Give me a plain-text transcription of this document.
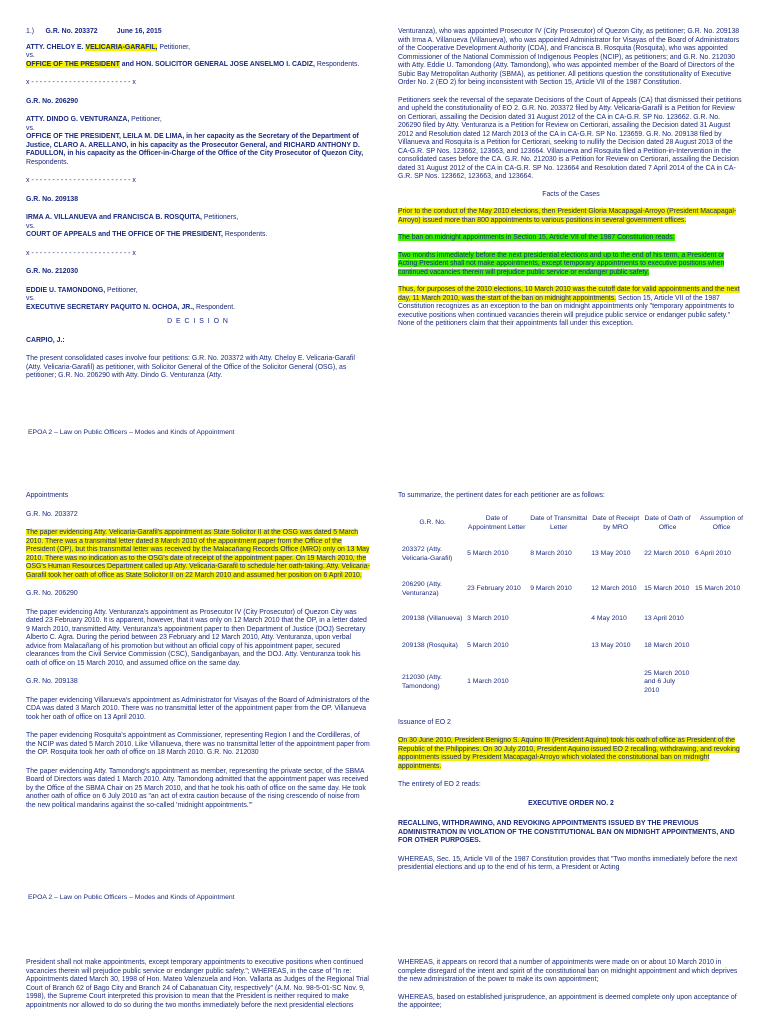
1.) G.R. No. 203372	June 16, 2015

ATTY. CHELOY E. VELICARIA-GARAFIL, Petitioner,

vs.

OFFICE OF THE PRESIDENT and HON. SOLICITOR GENERAL JOSE ANSELMO I. CADIZ, Respondents.

x - - - - - - - - - - - - - - - - - - - - - - - - x

G.R. No. 206290

ATTY. DINDO G. VENTURANZA, Petitioner,

vs.

OFFICE OF THE PRESIDENT, LEILA M. DE LIMA, in her capacity as the Secretary of the Department of Justice, CLARO A. ARELLANO, in his capacity as the Prosecutor General, and RICHARD ANTHONY D. FADULLON, in his capacity as the Officer-in-Charge of the Office of the City Prosecutor of Quezon City, Respondents.

x - - - - - - - - - - - - - - - - - - - - - - - - x

G.R. No. 209138

IRMA A. VILLANUEVA and FRANCISCA B. ROSQUITA, Petitioners,

vs.

COURT OF APPEALS and THE OFFICE OF THE PRESIDENT, Respondents.

x - - - - - - - - - - - - - - - - - - - - - - - - x

G.R. No. 212030

EDDIE U. TAMONDONG, Petitioner,

vs.

EXECUTIVE SECRETARY PAQUITO N. OCHOA, JR., Respondent.

D E C I S I O N

CARPIO, J.:

The present consolidated cases involve four petitions: G.R. No. 203372 with Atty. Cheloy E. Velicaria-Garafil (Atty. Velicaria-Garafil) as petitioner, with Solicitor General of the Office of the Solicitor General (OSG), as petitioner; G.R. No. 206290 with Atty. Dindo G. Venturanza (Atty.

EPOA 2 – Law on Public Officers – Modes and Kinds of Appointment

Venturanza), who was appointed Prosecutor IV (City Prosecutor) of Quezon City, as petitioner; G.R. No. 209138 with Irma A. Villanueva (Villanueva), who was appointed Administrator for Visayas of the Board of Administrators of the Cooperative Development Authority (CDA), and Francisca B. Rosquita (Rosquita), who was appointed Commissioner of the National Commission of Indigenous Peoples (NCIP), as petitioners; and G.R. No. 212030 with Atty. Eddie U. Tamondong (Atty. Tamondong), who was appointed member of the Board of Directors of the Subic Bay Metropolitan Authority (SBMA), as petitioner. All petitions question the constitutionality of Executive Order No. 2 (EO 2) for being inconsistent with Section 15, Article VII of the 1987 Constitution.

Petitioners seek the reversal of the separate Decisions of the Court of Appeals (CA) that dismissed their petitions and upheld the constitutionality of EO 2. G.R. No. 203372 filed by Atty. Velicaria-Garafil is a Petition for Review on Certiorari, assailing the Decision dated 31 August 2012 of the CA in CA-G.R. SP No. 123662. G.R. No. 206290 filed by Atty. Venturanza is a Petition for Review on Certiorari, assailing the Decision dated 31 August 2012 and Resolution dated 12 March 2013 of the CA in CA-G.R. SP No. 123659. G.R. No. 209138 filed by Villanueva and Rosquita is a Petition for Certiorari, seeking to nullify the Decision dated 28 August 2013 of the CA-G.R. SP Nos. 123662, 123663, and 123664. Villanueva and Rosquita filed a Petition-in-Intervention in the consolidated cases before the CA. G.R. No. 212030 is a Petition for Review on Certiorari, assailing the Decision dated 31 August 2012 of the CA in CA-G.R. SP No. 123664 and Resolution dated 7 April 2014 of the CA in CA-G.R. SP Nos. 123662, 123663, and 123664.

Facts of the Cases

Prior to the conduct of the May 2010 elections, then President Gloria Macapagal-Arroyo (President Macapagal-Arroyo) issued more than 800 appointments to various positions in several government offices.

The ban on midnight appointments in Section 15, Article VII of the 1987 Constitution reads:

Two months immediately before the next presidential elections and up to the end of his term, a President or Acting President shall not make appointments, except temporary appointments to executive positions when continued vacancies therein will prejudice public service or endanger public safety.

Thus, for purposes of the 2010 elections, 10 March 2010 was the cutoff date for valid appointments and the next day, 11 March 2010, was the start of the ban on midnight appointments. Section 15, Article VII of the 1987 Constitution recognizes as an exception to the ban on midnight appointments only "temporary appointments to executive positions when continued vacancies therein will prejudice public service or endanger public safety." None of the petitioners claim that their appointments fall under this exception.

Appointments

G.R. No. 203372

The paper evidencing Atty. Velicaria-Garafil's appointment as State Solicitor II at the OSG was dated 5 March 2010. There was a transmittal letter dated 8 March 2010 of the appointment paper from the Office of the President (OP), but this transmittal letter was received by the Malacañang Records Office (MRO) only on 13 May 2010. There was no indication as to the OSG's date of receipt of the appointment paper. On 19 March 2010, the OSG's Human Resources Department called up Atty. Velicaria-Garafil to schedule her oath-taking. Atty. Velicaria-Garafil took her oath of office as State Solicitor II on 22 March 2010 and assumed her position on 6 April 2010.

G.R. No. 206290

The paper evidencing Atty. Venturanza's appointment as Prosecutor IV (City Prosecutor) of Quezon City was dated 23 February 2010. It is apparent, however, that it was only on 12 March 2010 that the OP, in a letter dated 9 March 2010, transmitted Atty. Venturanza's appointment paper to then Department of Justice (DOJ) Secretary Alberto C. Agra. During the period between 23 February and 12 March 2010, Atty. Venturanza, upon verbal advice from Malacañang of his promotion but without an official copy of his appointment paper, secured clearances from the Civil Service Commission (CSC), Sandiganbayan, and the DOJ. Atty. Venturanza took his oath of office on 15 March 2010, and assumed office on the same day.

G.R. No. 209138

The paper evidencing Villanueva's appointment as Administrator for Visayas of the Board of Administrators of the CDA was dated 3 March 2010. There was no transmittal letter of the appointment paper from the OP. Villanueva took her oath of office on 13 April 2010.

The paper evidencing Rosquita's appointment as Commissioner, representing Region I and the Cordilleras, of the NCIP was dated 5 March 2010. Like Villanueva, there was no transmittal letter of the appointment paper from the OP. Rosquita took her oath of office on 18 March 2010. G.R. No. 212030

The paper evidencing Atty. Tamondong's appointment as member, representing the private sector, of the SBMA Board of Directors was dated 1 March 2010. Atty. Tamondong admitted that the appointment paper was received by the Office of the SBMA Chair on 25 March 2010, and that he took his oath of office on the same day. He took another oath of office on 6 July 2010 as "an act of extra caution because of the rising crescendo of noise from the new political mandarins against the so-called 'midnight appointments.'"

EPOA 2 – Law on Public Officers – Modes and Kinds of Appointment

To summarize, the pertinent dates for each petitioner are as follows:

G.R. No.	Date of Appointment Letter	Date of Transmittal Letter	Date of Receipt by MRO	Date of Oath of Office	Assumption of Office
203372 (Atty. Velicaria-Garafil)	5 March 2010	8 March 2010	13 May 2010	22 March 2010	6 April 2010
206290 (Atty. Venturanza)	23 February 2010	9 March 2010	12 March 2010	15 March 2010	15 March 2010
209138 (Villanueva)	3 March 2010		4 May 2010	13 April 2010	
209138 (Rosquita)	5 March 2010		13 May 2010	18 March 2010	
212030 (Atty. Tamondong)	1 March 2010			25 March 2010 and 6 July 2010	

Issuance of EO 2

On 30 June 2010, President Benigno S. Aquino III (President Aquino) took his oath of office as President of the Republic of the Philippines. On 30 July 2010, President Aquino issued EO 2 recalling, withdrawing, and revoking appointments issued by President Macapagal-Arroyo which violated the constitutional ban on midnight appointments.

The entirety of EO 2 reads:

EXECUTIVE ORDER NO. 2

RECALLING, WITHDRAWING, AND REVOKING APPOINTMENTS ISSUED BY THE PREVIOUS ADMINISTRATION IN VIOLATION OF THE CONSTITUTIONAL BAN ON MIDNIGHT APPOINTMENTS, AND FOR OTHER PURPOSES.

WHEREAS, Sec. 15, Article VII of the 1987 Constitution provides that "Two months immediately before the next presidential elections and up to the end of his term, a President or Acting

President shall not make appointments, except temporary appointments to executive positions when continued vacancies therein will prejudice public service or endanger public safety."; WHEREAS, in the case of "In re: Appointments dated March 30, 1998 of Hon. Mateo Valenzuela and Hon. Vallarta as Judges of the Regional Trial Court of Branch 62 of Bago City and Branch 24 of Cabanatuan City, respectively" (A.M. No. 98-5-01-SC Nov. 9, 1998), the Supreme Court interpreted this provision to mean that the President is neither required to make appointments nor allowed to do so during the two months immediately before the next presidential elections

WHEREAS, it appears on record that a number of appointments were made on or about 10 March 2010 in complete disregard of the intent and spirit of the constitutional ban on midnight appointment and which deprives the new administration of the power to make its own appointment;

WHEREAS, based on established jurisprudence, an appointment is deemed complete only upon acceptance of the appointee;
